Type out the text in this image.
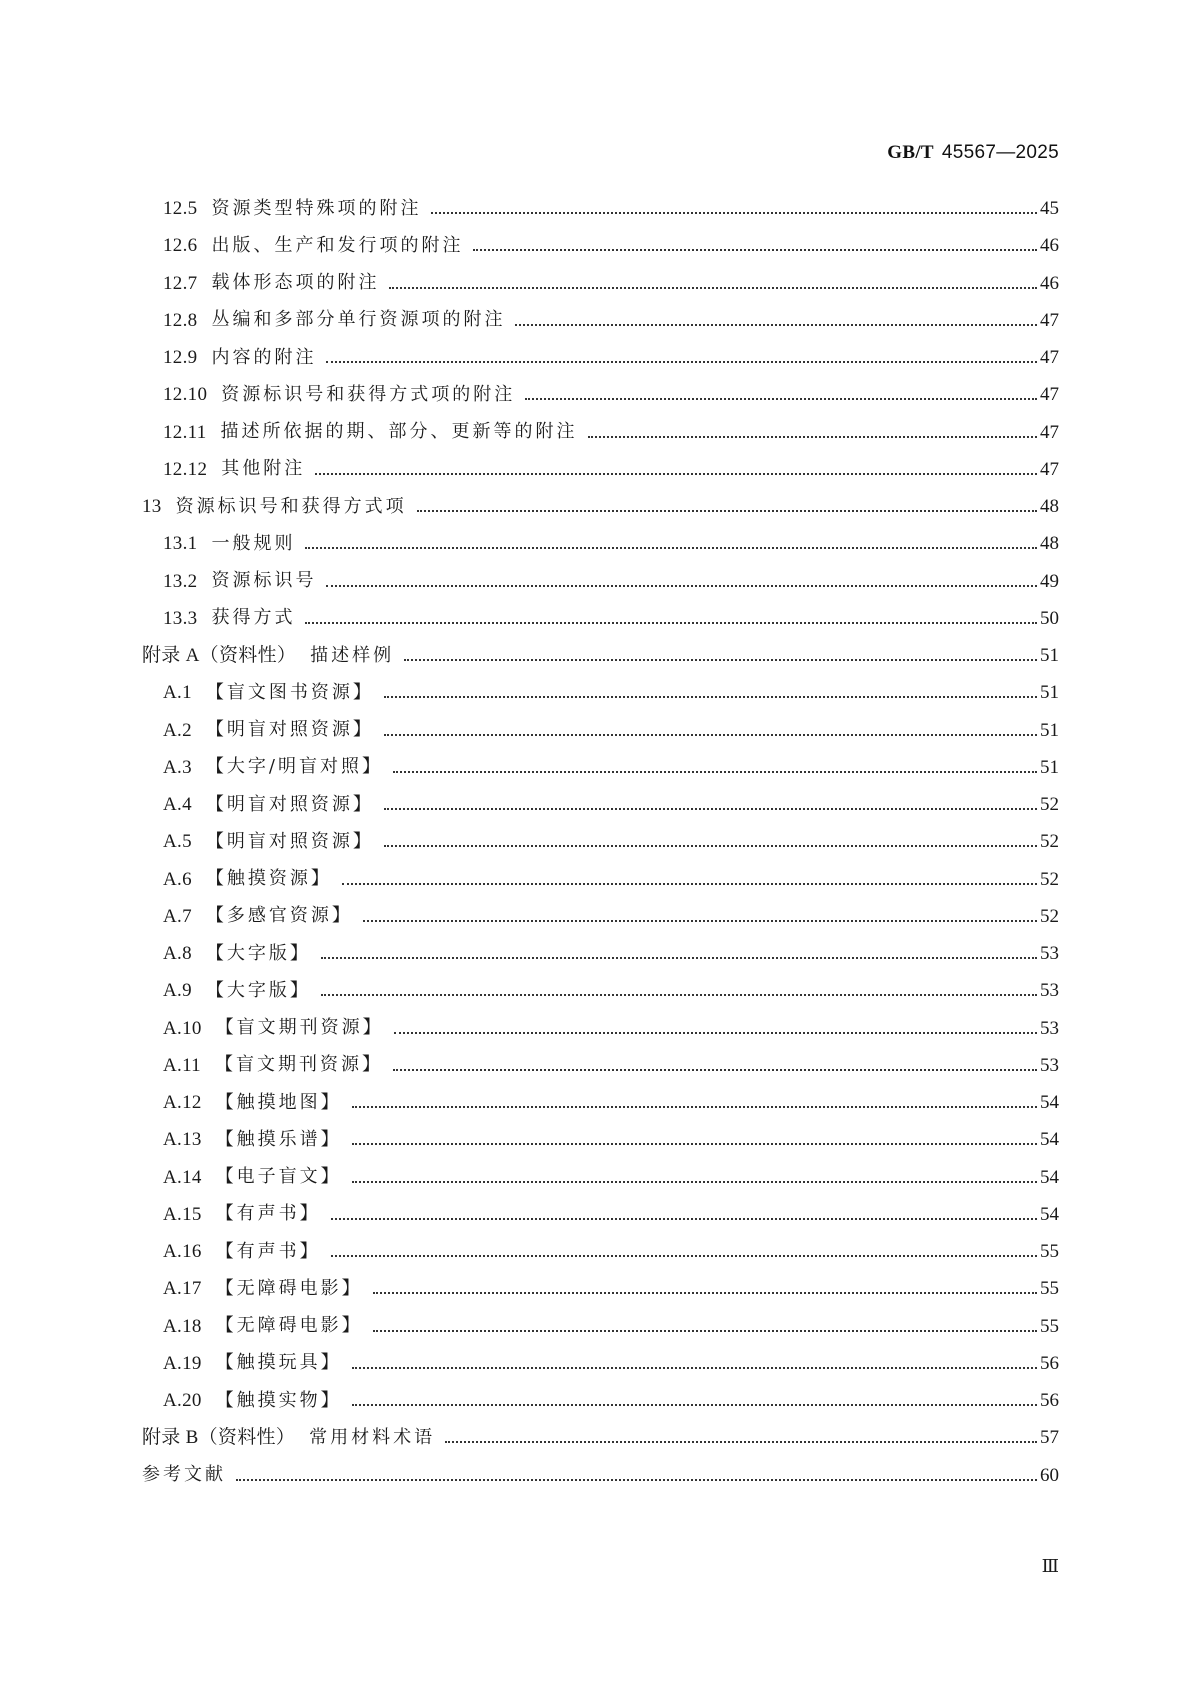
GB/T 45567—2025
12.5 资源类型特殊项的附注	45
12.6 出版、生产和发行项的附注	46
12.7 载体形态项的附注	46
12.8 丛编和多部分单行资源项的附注	47
12.9 内容的附注	47
12.10 资源标识号和获得方式项的附注	47
12.11 描述所依据的期、部分、更新等的附注	47
12.12 其他附注	47
13 资源标识号和获得方式项	48
13.1 一般规则	48
13.2 资源标识号	49
13.3 获得方式	50
附录 A（资料性） 描述样例	51
A.1 【盲文图书资源】	51
A.2 【明盲对照资源】	51
A.3 【大字/明盲对照】	51
A.4 【明盲对照资源】	52
A.5 【明盲对照资源】	52
A.6 【触摸资源】	52
A.7 【多感官资源】	52
A.8 【大字版】	53
A.9 【大字版】	53
A.10 【盲文期刊资源】	53
A.11 【盲文期刊资源】	53
A.12 【触摸地图】	54
A.13 【触摸乐谱】	54
A.14 【电子盲文】	54
A.15 【有声书】	54
A.16 【有声书】	55
A.17 【无障碍电影】	55
A.18 【无障碍电影】	55
A.19 【触摸玩具】	56
A.20 【触摸实物】	56
附录 B（资料性） 常用材料术语	57
参考文献	60
Ⅲ
